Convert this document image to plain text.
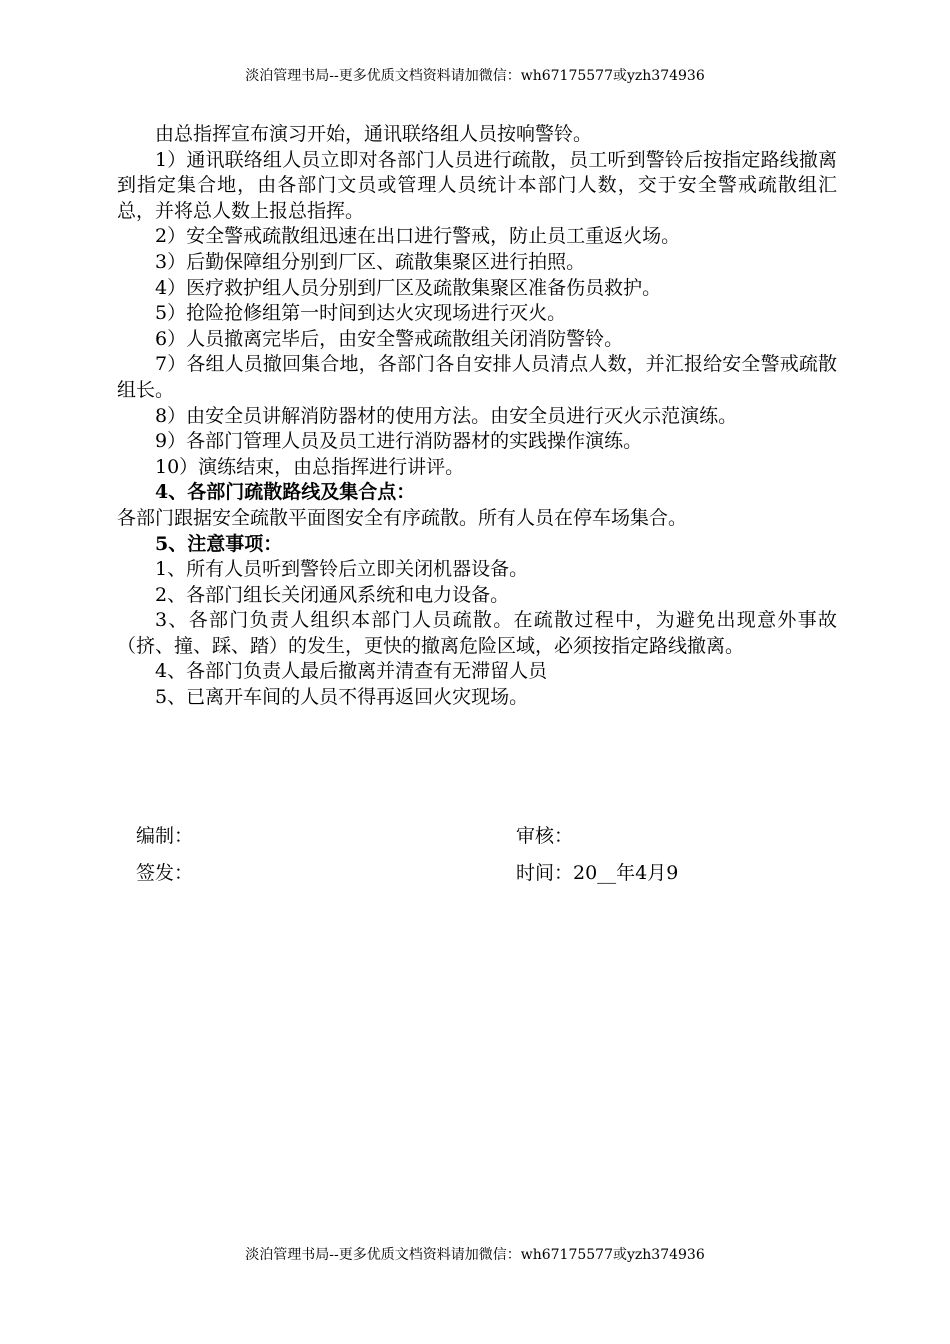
淡泊管理书局--更多优质文档资料请加微信：wh67175577或yzh374936

由总指挥宣布演习开始，通讯联络组人员按响警铃。

1）通讯联络组人员立即对各部门人员进行疏散，员工听到警铃后按指定路线撤离到指定集合地，由各部门文员或管理人员统计本部门人数，交于安全警戒疏散组汇总，并将总人数上报总指挥。

2）安全警戒疏散组迅速在出口进行警戒，防止员工重返火场。

3）后勤保障组分别到厂区、疏散集聚区进行拍照。

4）医疗救护组人员分别到厂区及疏散集聚区准备伤员救护。

5）抢险抢修组第一时间到达火灾现场进行灭火。

6）人员撤离完毕后，由安全警戒疏散组关闭消防警铃。

7）各组人员撤回集合地，各部门各自安排人员清点人数，并汇报给安全警戒疏散组长。

8）由安全员讲解消防器材的使用方法。由安全员进行灭火示范演练。

9）各部门管理人员及员工进行消防器材的实践操作演练。

10）演练结束，由总指挥进行讲评。

4、各部门疏散路线及集合点：

各部门跟据安全疏散平面图安全有序疏散。所有人员在停车场集合。

5、注意事项：

1、所有人员听到警铃后立即关闭机器设备。

2、各部门组长关闭通风系统和电力设备。

3、各部门负责人组织本部门人员疏散。在疏散过程中，为避免出现意外事故（挤、撞、踩、踏）的发生，更快的撤离危险区域，必须按指定路线撤离。

4、各部门负责人最后撤离并清查有无滞留人员

5、已离开车间的人员不得再返回火灾现场。

编制：	审核：
签发：	时间：20__年4月9
淡泊管理书局--更多优质文档资料请加微信：wh67175577或yzh374936
